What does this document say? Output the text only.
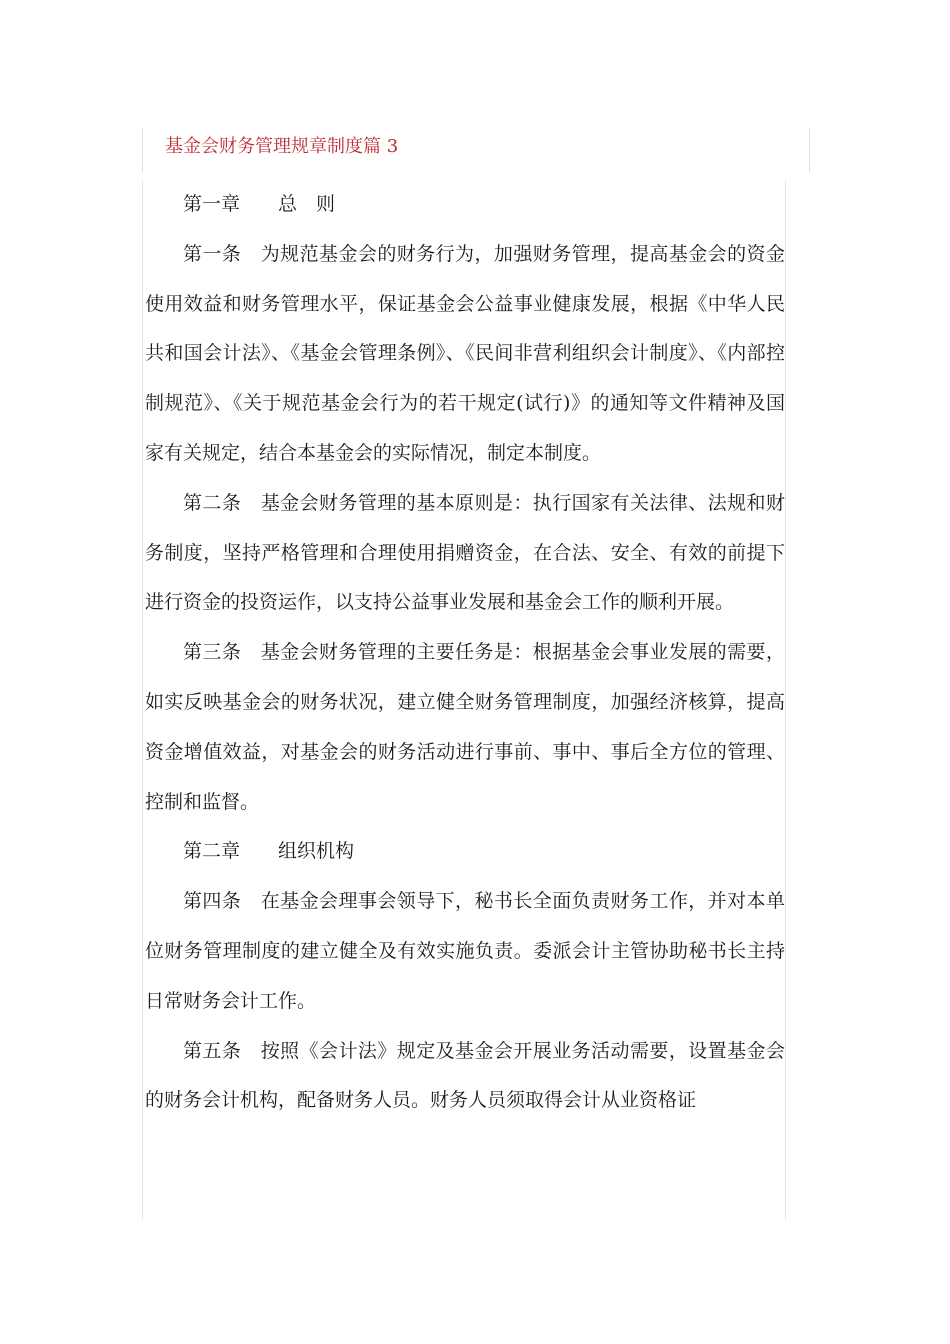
基金会财务管理规章制度篇 3

第一章　　总　则

第一条　为规范基金会的财务行为，加强财务管理，提高基金会的资金使用效益和财务管理水平，保证基金会公益事业健康发展，根据《中华人民共和国会计法》、《基金会管理条例》、《民间非营利组织会计制度》、《内部控制规范》、《关于规范基金会行为的若干规定(试行)》的通知等文件精神及国家有关规定，结合本基金会的实际情况，制定本制度。

第二条　基金会财务管理的基本原则是：执行国家有关法律、法规和财务制度，坚持严格管理和合理使用捐赠资金，在合法、安全、有效的前提下进行资金的投资运作，以支持公益事业发展和基金会工作的顺利开展。

第三条　基金会财务管理的主要任务是：根据基金会事业发展的需要，如实反映基金会的财务状况，建立健全财务管理制度，加强经济核算，提高资金增值效益，对基金会的财务活动进行事前、事中、事后全方位的管理、控制和监督。

第二章　　组织机构

第四条　在基金会理事会领导下，秘书长全面负责财务工作，并对本单位财务管理制度的建立健全及有效实施负责。委派会计主管协助秘书长主持日常财务会计工作。

第五条　按照《会计法》规定及基金会开展业务活动需要，设置基金会的财务会计机构，配备财务人员。财务人员须取得会计从业资格证
